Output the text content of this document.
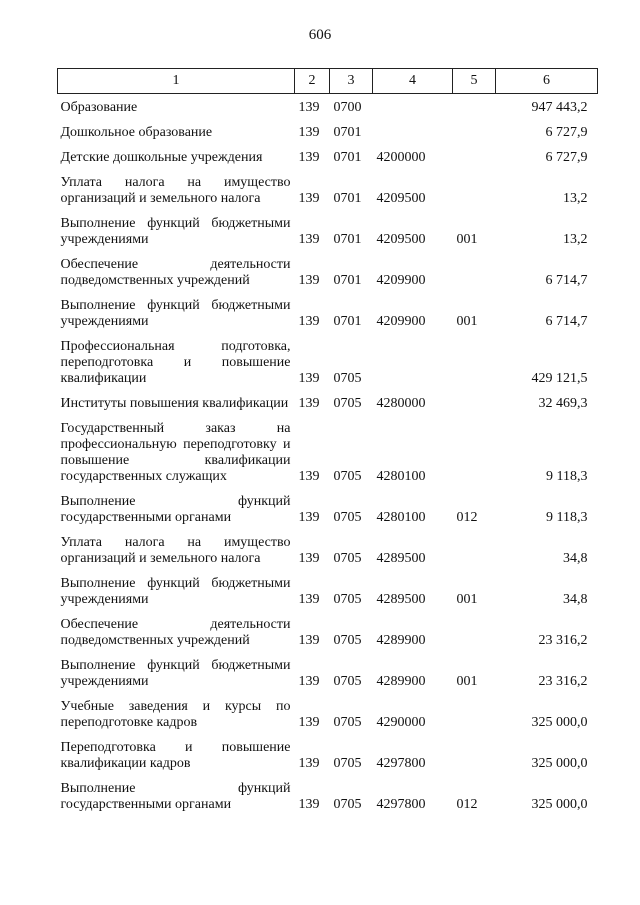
606
1	2	3	4	5	6
Образование	139	0700			947 443,2
Дошкольное образование	139	0701			6 727,9
Детские дошкольные учреждения	139	0701	4200000		6 727,9
Уплата налога на имущество организаций и земельного налога	139	0701	4209500		13,2
Выполнение функций бюджетными учреждениями	139	0701	4209500	001	13,2
Обеспечение деятельности подведомственных учреждений	139	0701	4209900		6 714,7
Выполнение функций бюджетными учреждениями	139	0701	4209900	001	6 714,7
Профессиональная подготовка, переподготовка и повышение квалификации	139	0705			429 121,5
Институты повышения квалификации	139	0705	4280000		32 469,3
Государственный заказ на профессиональную переподготовку и повышение квалификации государственных служащих	139	0705	4280100		9 118,3
Выполнение функций государственными органами	139	0705	4280100	012	9 118,3
Уплата налога на имущество организаций и земельного налога	139	0705	4289500		34,8
Выполнение функций бюджетными учреждениями	139	0705	4289500	001	34,8
Обеспечение деятельности подведомственных учреждений	139	0705	4289900		23 316,2
Выполнение функций бюджетными учреждениями	139	0705	4289900	001	23 316,2
Учебные заведения и курсы по переподготовке кадров	139	0705	4290000		325 000,0
Переподготовка и повышение квалификации кадров	139	0705	4297800		325 000,0
Выполнение функций государственными органами	139	0705	4297800	012	325 000,0
